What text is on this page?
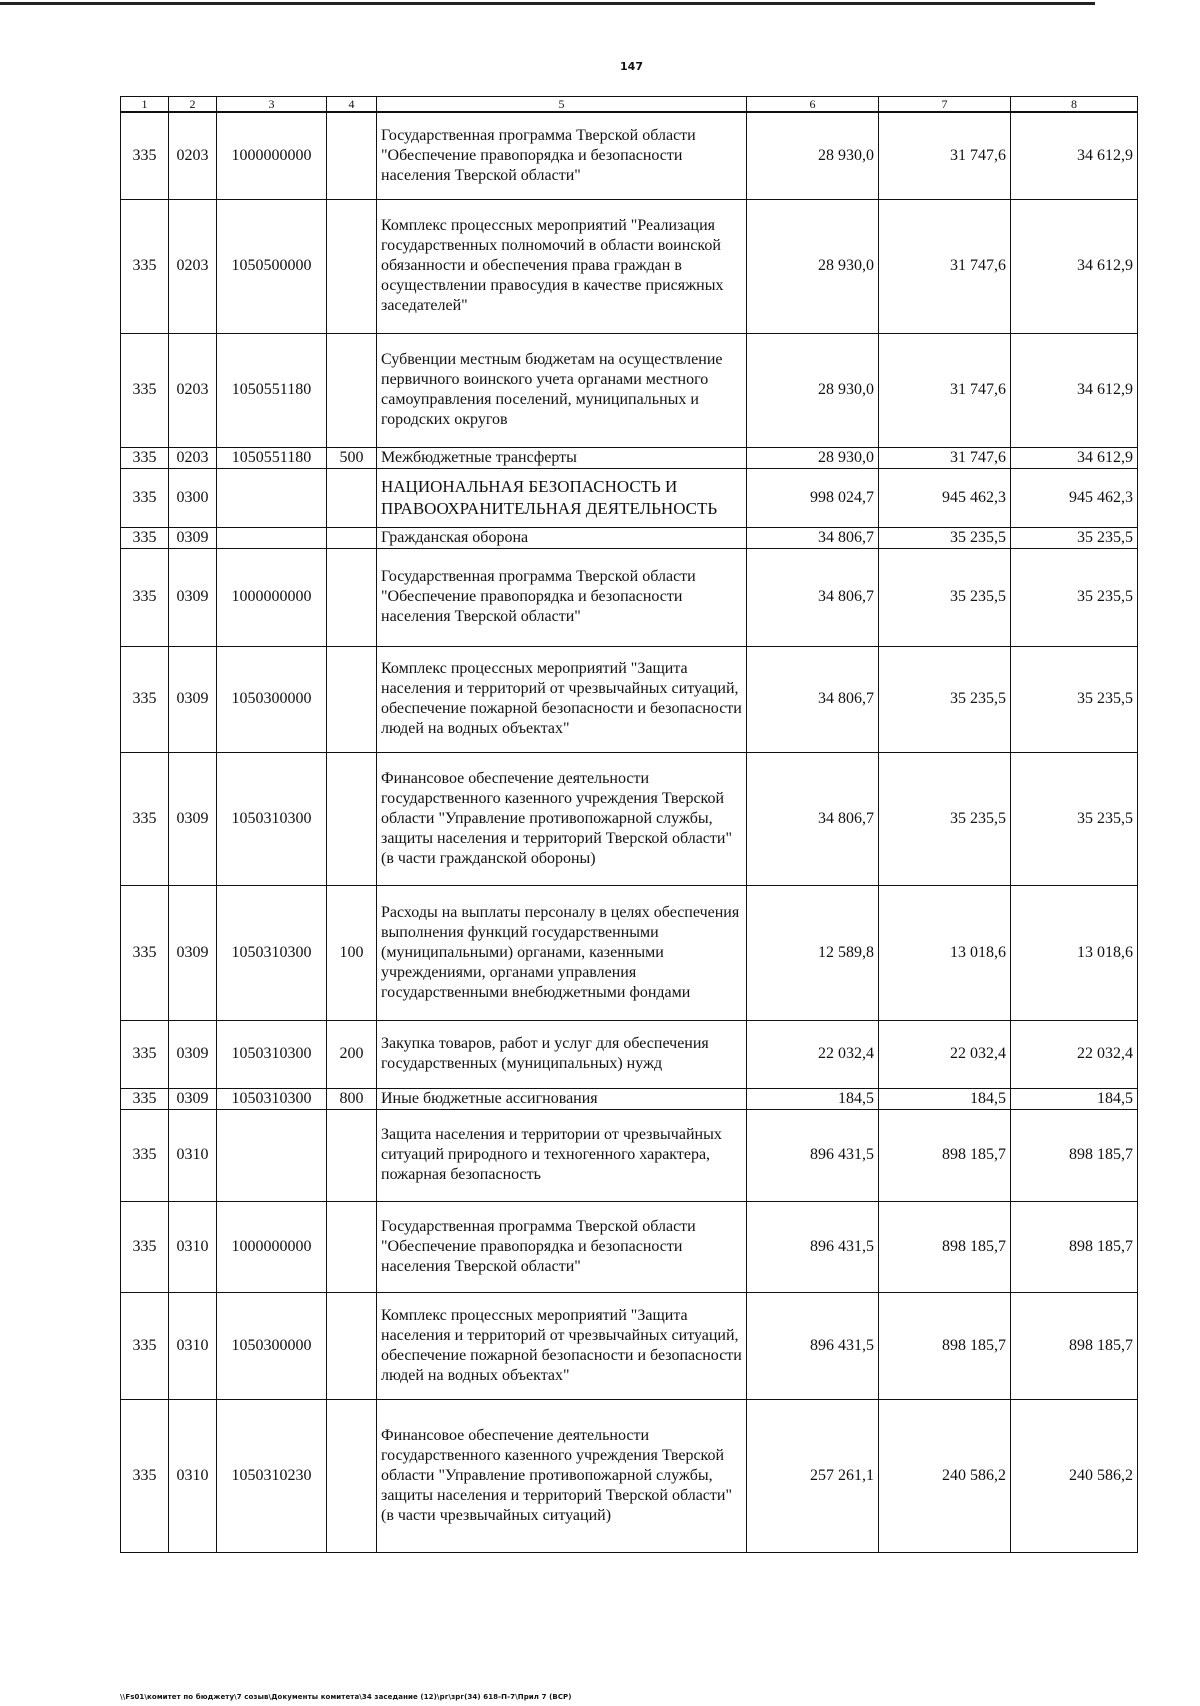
147
1	2	3	4	5	6	7	8
335	0203	1000000000		Государственная программа Тверской области "Обеспечение правопорядка и безопасности населения Тверской области"	28 930,0	31 747,6	34 612,9
335	0203	1050500000		Комплекс процессных мероприятий "Реализация государственных полномочий в области воинской обязанности и обеспечения права граждан в осуществлении правосудия в качестве присяжных заседателей"	28 930,0	31 747,6	34 612,9
335	0203	1050551180		Субвенции местным бюджетам на осуществление первичного воинского учета органами местного самоуправления поселений, муниципальных и городских округов	28 930,0	31 747,6	34 612,9
335	0203	1050551180	500	Межбюджетные трансферты	28 930,0	31 747,6	34 612,9
335	0300			НАЦИОНАЛЬНАЯ БЕЗОПАСНОСТЬ И ПРАВООХРАНИТЕЛЬНАЯ ДЕЯТЕЛЬНОСТЬ	998 024,7	945 462,3	945 462,3
335	0309			Гражданская оборона	34 806,7	35 235,5	35 235,5
335	0309	1000000000		Государственная программа Тверской области "Обеспечение правопорядка и безопасности населения Тверской области"	34 806,7	35 235,5	35 235,5
335	0309	1050300000		Комплекс процессных мероприятий "Защита населения и территорий от чрезвычайных ситуаций, обеспечение пожарной безопасности и безопасности людей на водных объектах"	34 806,7	35 235,5	35 235,5
335	0309	1050310300		Финансовое обеспечение деятельности государственного казенного учреждения Тверской области "Управление противопожарной службы, защиты населения и территорий Тверской области" (в части гражданской обороны)	34 806,7	35 235,5	35 235,5
335	0309	1050310300	100	Расходы на выплаты персоналу в целях обеспечения выполнения функций государственными (муниципальными) органами, казенными учреждениями, органами управления государственными внебюджетными фондами	12 589,8	13 018,6	13 018,6
335	0309	1050310300	200	Закупка товаров, работ и услуг для обеспечения государственных (муниципальных) нужд	22 032,4	22 032,4	22 032,4
335	0309	1050310300	800	Иные бюджетные ассигнования	184,5	184,5	184,5
335	0310			Защита населения и территории от чрезвычайных ситуаций природного и техногенного характера, пожарная безопасность	896 431,5	898 185,7	898 185,7
335	0310	1000000000		Государственная программа Тверской области "Обеспечение правопорядка и безопасности населения Тверской области"	896 431,5	898 185,7	898 185,7
335	0310	1050300000		Комплекс процессных мероприятий "Защита населения и территорий от чрезвычайных ситуаций, обеспечение пожарной безопасности и безопасности людей на водных объектах"	896 431,5	898 185,7	898 185,7
335	0310	1050310230		Финансовое обеспечение деятельности государственного казенного учреждения Тверской области "Управление противопожарной службы, защиты населения и территорий Тверской области" (в части чрезвычайных ситуаций)	257 261,1	240 586,2	240 586,2
\\Fs01\комитет по бюджету\7 созыв\Документы комитета\34 заседание (12)\рг\зрг(34) 618-П-7\Прил 7 (ВСР)
